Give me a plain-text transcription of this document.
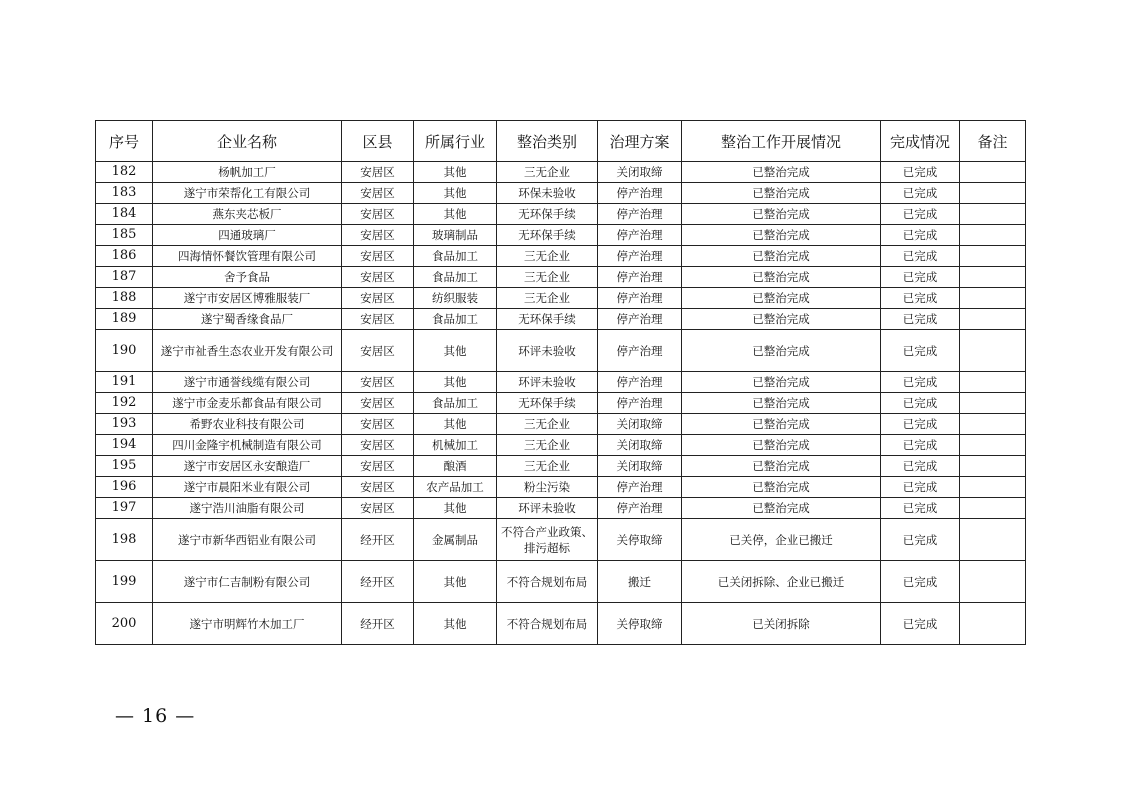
序号	企业名称	区县	所属行业	整治类别	治理方案	整治工作开展情况	完成情况	备注
182	杨帆加工厂	安居区	其他	三无企业	关闭取缔	已整治完成	已完成	
183	遂宁市荣帮化工有限公司	安居区	其他	环保未验收	停产治理	已整治完成	已完成	
184	燕东夹芯板厂	安居区	其他	无环保手续	停产治理	已整治完成	已完成	
185	四通玻璃厂	安居区	玻璃制品	无环保手续	停产治理	已整治完成	已完成	
186	四海情怀餐饮管理有限公司	安居区	食品加工	三无企业	停产治理	已整治完成	已完成	
187	舍予食品	安居区	食品加工	三无企业	停产治理	已整治完成	已完成	
188	遂宁市安居区博雅服装厂	安居区	纺织服装	三无企业	停产治理	已整治完成	已完成	
189	遂宁蜀香缘食品厂	安居区	食品加工	无环保手续	停产治理	已整治完成	已完成	
190	遂宁市祉香生态农业开发有限公司	安居区	其他	环评未验收	停产治理	已整治完成	已完成	
191	遂宁市通誉线缆有限公司	安居区	其他	环评未验收	停产治理	已整治完成	已完成	
192	遂宁市金麦乐都食品有限公司	安居区	食品加工	无环保手续	停产治理	已整治完成	已完成	
193	希野农业科技有限公司	安居区	其他	三无企业	关闭取缔	已整治完成	已完成	
194	四川金隆宇机械制造有限公司	安居区	机械加工	三无企业	关闭取缔	已整治完成	已完成	
195	遂宁市安居区永安酿造厂	安居区	酿酒	三无企业	关闭取缔	已整治完成	已完成	
196	遂宁市晨阳米业有限公司	安居区	农产品加工	粉尘污染	停产治理	已整治完成	已完成	
197	遂宁浩川油脂有限公司	安居区	其他	环评未验收	停产治理	已整治完成	已完成	
198	遂宁市新华西铝业有限公司	经开区	金属制品	不符合产业政策、排污超标	关停取缔	已关停，企业已搬迁	已完成	
199	遂宁市仁吉制粉有限公司	经开区	其他	不符合规划布局	搬迁	已关闭拆除、企业已搬迁	已完成	
200	遂宁市明辉竹木加工厂	经开区	其他	不符合规划布局	关停取缔	已关闭拆除	已完成	
— 16 —
